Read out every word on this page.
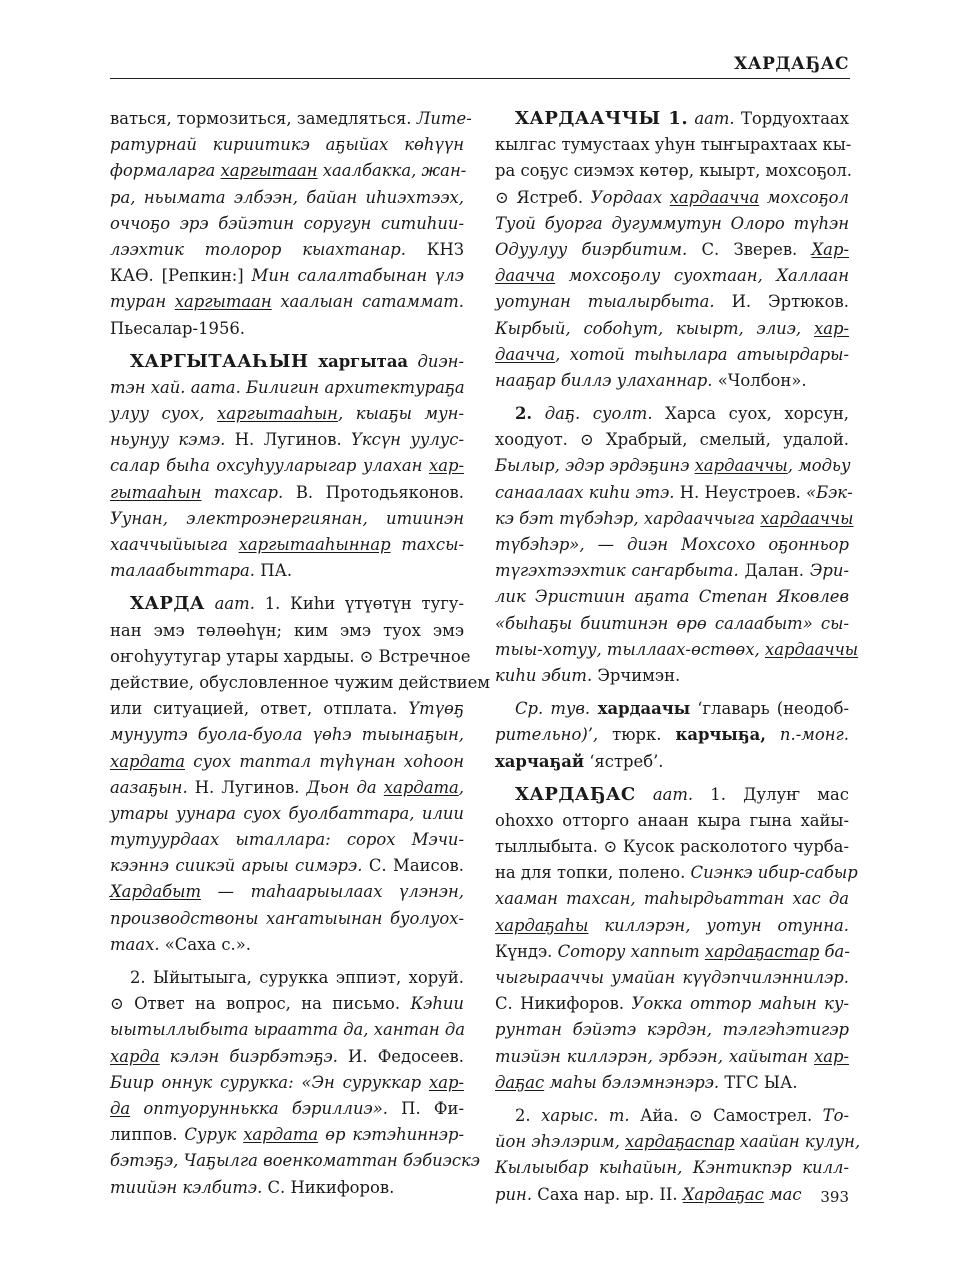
ХАРДАҔАС
ваться, тормозиться, замедляться. Лите-
ратурнай кириитикэ аҕыйах көһүүн
формаларга харгытаан хаалбакка, жан-
ра, ньымата элбээн, байан иһиэхтээх,
оччоҕо эрэ бэйэтин соругун ситиһии-
лээхтик толорор кыахтанар. КНЗ
КАӨ. [Ρепкин:] Мин салалтабынан үлэ
туран харгытаан хаалыан сатаммат.
Пьесалар-1956.
ХАРГЫТААҺЫН харгытаа диэн-
тэн хай. аата. Билигин архитектураҕа
улуу суох, харгытааһын, кыаҕы мун-
ньунуу кэмэ. Н. Лугинов. Үксүн уулус-
салар быһа охсуһууларыгар улахан хар-
гытааһын тахсар. В. Протодьяконов.
Уунан, электроэнергиянан, итиинэн
хааччыйыыга харгытааһыннар тахсы-
талаабыттара. ПА.
ХАРДА аат. 1. Киһи үтүөтүн тугу-
нан эмэ төлөөһүн; ким эмэ туох эмэ
оҥоһуутугар утары хардыы. ⊙ Встречное
действие, обусловленное чужим действием
или ситуацией, ответ, отплата. Үтүөҕ
мунуутэ буола-буола үөһэ тыынаҕын,
хардата суох таптал түһүнан хоһоон
аазаҕын. Н. Лугинов. Дьон да хардата,
утары уунара суох буолбаттара, илии
тутуурдаах ыталлара: сорох Мэчи-
кээннэ сиикэй арыы симэрэ. С. Маисов.
Хардабыт — таһаарыылаах үлэнэн,
производствоны хаҥатыынан буолуох-
таах. «Саха с.».
2. Ыйытыыга, сурукка эппиэт, хоруй.
⊙ Ответ на вопрос, на письмо. Кэһии
ыытыллыбыта ыраатта да, хантан да
харда кэлэн биэрбэтэҕэ. И. Федосеев.
Биир оннук сурукка: «Эн суруккар хар-
да оптуоруннькка бэриллиэ». П. Фи-
липпов. Сурук хардата өр кэтэһиннэр-
бэтэҕэ, Чаҕылга военкоматтан бэбиэскэ
тиийэн кэлбитэ. С. Никифоров.
ХАРДААЧЧЫ 1. аат. Тордуохтаах
кылгас тумустаах уһун тыҥырахтаах кы-
ра соҕус сиэмэх көтөр, кыырт, мохсоҕол.
⊙ Ястреб. Уордаах хардаачча мохсоҕол
Туой буорга дугуммутун Олоро түһэн
Одуулуу биэрбитим. С. Зверев. Хар-
даачча мохсоҕолу суохтаан, Халлаан
уотунан тыалырбыта. И. Эртюков.
Кырбый, собоһут, кыырт, элиэ, хар-
даачча, хотой тыһылара атыырдары-
нааҕар биллэ улаханнар. «Чолбон».
2. даҕ. суолт. Харса суох, хорсун,
хоодуот. ⊙ Храбрый, смелый, удалой.
Былыр, эдэр эрдэҕинэ хардааччы, модьу
санаалаах киһи этэ. Н. Неустроев. «Бэк-
кэ бэт түбэһэр, хардааччыга хардааччы
түбэһэр», — диэн Мохсохо оҕонньор
түгэхтээхтик саҥарбыта. Далан. Эри-
лик Эристиин аҕата Степан Яковлев
«быһаҕы биитинэн өрө салаабыт» сы-
тыы-хотуу, тыллаах-өстөөх, хардааччы
киһи эбит. Эрчимэн.
Ср. тув. хардаачы ‘главарь (неодоб-
рительно)’, тюрк. карчыҕа, п.-монг.
харчаҕай ‘ястреб’.
ХАРДАҔАС аат. 1. Дулуҥ мас
оһоххо отторго анаан кыра гына хайы-
тыллыбыта. ⊙ Кусок расколотого чурба-
на для топки, полено. Сиэнкэ ибир-сабыр
хааман тахсан, таһырдьаттан хас да
хардаҕаһы киллэрэн, уотун отунна.
Күндэ. Сотору хаппыт хардаҕастар ба-
чыгырааччы умайан күүдэпчилэннилэр.
С. Никифоров. Уокка оттор маһын ку-
рунтан бэйэтэ кэрдэн, тэлгэһэтигэр
тиэйэн киллэрэн, эрбээн, хайытан хар-
даҕас маһы бэлэмнэнэрэ. ТГС ЫА.
2. харыс. т. Айа. ⊙ Самострел. То-
йон эһэлэрим, хардаҕаспар хаайан кулун,
Кылыыбар кыһайын, Кэнтикпэр килл-
рин. Саха нар. ыр. II. Хардаҕас мас	393
